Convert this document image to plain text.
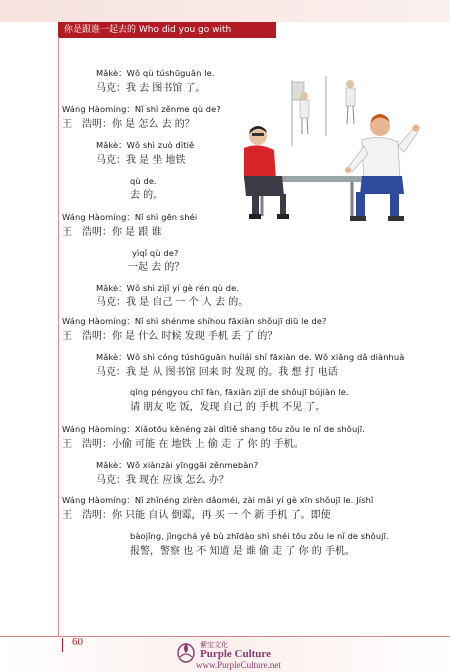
你是跟谁一起去的 Who did you go with
Mǎkè：Wǒ qù túshūguǎn le.
马克：我 去 图书馆 了。
Wáng Hàomíng：Nǐ shì zěnme qù de?
王　浩明：你 是 怎么 去 的？
Mǎkè：Wǒ shì zuò dìtiě
马克：我 是 坐 地铁
qù de.
去 的。
Wáng Hàomíng：Nǐ shì gēn shéi
王　浩明：你 是 跟 谁
yìqǐ qù de?
一起 去 的？
Mǎkè：Wǒ shì zìjǐ yí gè rén qù de.
马克：我 是 自己 一 个 人 去 的。
Wáng Hàomíng：Nǐ shì shénme shíhou fāxiàn shǒujī diū le de?
王　浩明：你 是 什么 时候 发现 手机 丢 了 的？
Mǎkè：Wǒ shì cóng túshūguǎn huílái shí fāxiàn de. Wǒ xiǎng dǎ diànhuà
马克：我 是 从 图书馆 回来 时 发现 的。我 想 打 电话
qǐng péngyou chī fàn, fāxiàn zìjǐ de shǒujī bújiàn le.
请 朋友 吃 饭，发现 自己 的 手机 不见 了。
Wáng Hàomíng：Xiǎotōu kěnéng zài dìtiě shang tōu zǒu le nǐ de shǒujī.
王　浩明：小偷 可能 在 地铁 上 偷 走 了 你 的 手机。
Mǎkè：Wǒ xiànzài yīnggāi zěnmebàn?
马克：我 现在 应该 怎么 办？
Wáng Hàomíng：Nǐ zhǐnéng zìrèn dǎoméi, zài mǎi yí gè xīn shǒujī le. Jíshǐ
王　浩明：你 只能 自认 倒霉，再 买 一 个 新 手机 了。即使
bàojǐng, jǐngchá yě bù zhīdào shì shéi tōu zǒu le nǐ de shǒujī.
报警，警察 也 不 知道 是 谁 偷 走 了 你 的 手机。
60	紫宝文化
Purple Culture
www.PurpleCulture.net
